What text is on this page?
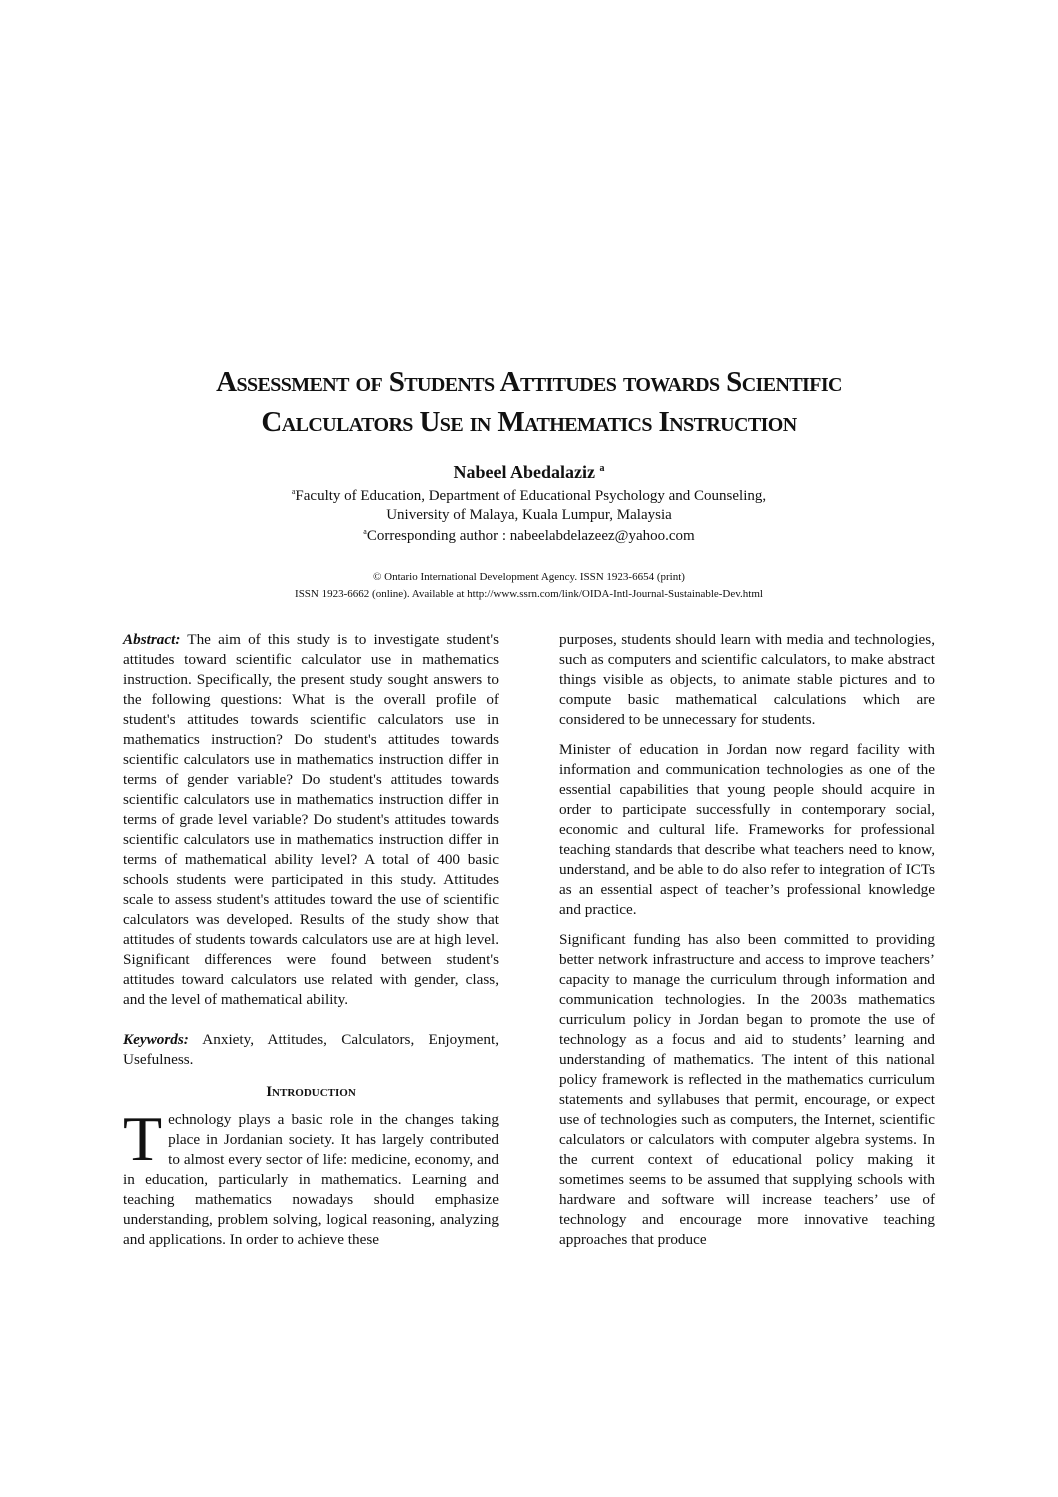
Assessment of Students Attitudes towards Scientific
Calculators Use in Mathematics Instruction
Nabeel Abedalaziz $^a$
$^a$Faculty of Education, Department of Educational Psychology and Counseling,
University of Malaya, Kuala Lumpur, Malaysia
$^a$Corresponding author : nabeelabdelazeez@yahoo.com
© Ontario International Development Agency. ISSN 1923-6654 (print)
ISSN 1923-6662 (online). Available at http://www.ssrn.com/link/OIDA-Intl-Journal-Sustainable-Dev.html

Abstract: The aim of this study is to investigate student's attitudes toward scientific calculator use in mathematics instruction. Specifically, the present study sought answers to the following questions: What is the overall profile of student's attitudes towards scientific calculators use in mathematics instruction? Do student's attitudes towards scientific calculators use in mathematics instruction differ in terms of gender variable? Do student's attitudes towards scientific calculators use in mathematics instruction differ in terms of grade level variable? Do student's attitudes towards scientific calculators use in mathematics instruction differ in terms of mathematical ability level? A total of 400 basic schools students were participated in this study. Attitudes scale to assess student's attitudes toward the use of scientific calculators was developed. Results of the study show that attitudes of students towards calculators use are at high level. Significant differences were found between student's attitudes toward calculators use related with gender, class, and the level of mathematical ability.

Keywords: Anxiety, Attitudes, Calculators, Enjoyment, Usefulness.

Introduction

Technology plays a basic role in the changes taking place in Jordanian society. It has largely contributed to almost every sector of life: medicine, economy, and in education, particularly in mathematics. Learning and teaching mathematics nowadays should emphasize understanding, problem solving, logical reasoning, analyzing and applications. In order to achieve these

purposes, students should learn with media and technologies, such as computers and scientific calculators, to make abstract things visible as objects, to animate stable pictures and to compute basic mathematical calculations which are considered to be unnecessary for students.

Minister of education in Jordan now regard facility with information and communication technologies as one of the essential capabilities that young people should acquire in order to participate successfully in contemporary social, economic and cultural life. Frameworks for professional teaching standards that describe what teachers need to know, understand, and be able to do also refer to integration of ICTs as an essential aspect of teacher’s professional knowledge and practice.

Significant funding has also been committed to providing better network infrastructure and access to improve teachers’ capacity to manage the curriculum through information and communication technologies. In the 2003s mathematics curriculum policy in Jordan began to promote the use of technology as a focus and aid to students’ learning and understanding of mathematics. The intent of this national policy framework is reflected in the mathematics curriculum statements and syllabuses that permit, encourage, or expect use of technologies such as computers, the Internet, scientific calculators or calculators with computer algebra systems. In the current context of educational policy making it sometimes seems to be assumed that supplying schools with hardware and software will increase teachers’ use of technology and encourage more innovative teaching approaches that produce
